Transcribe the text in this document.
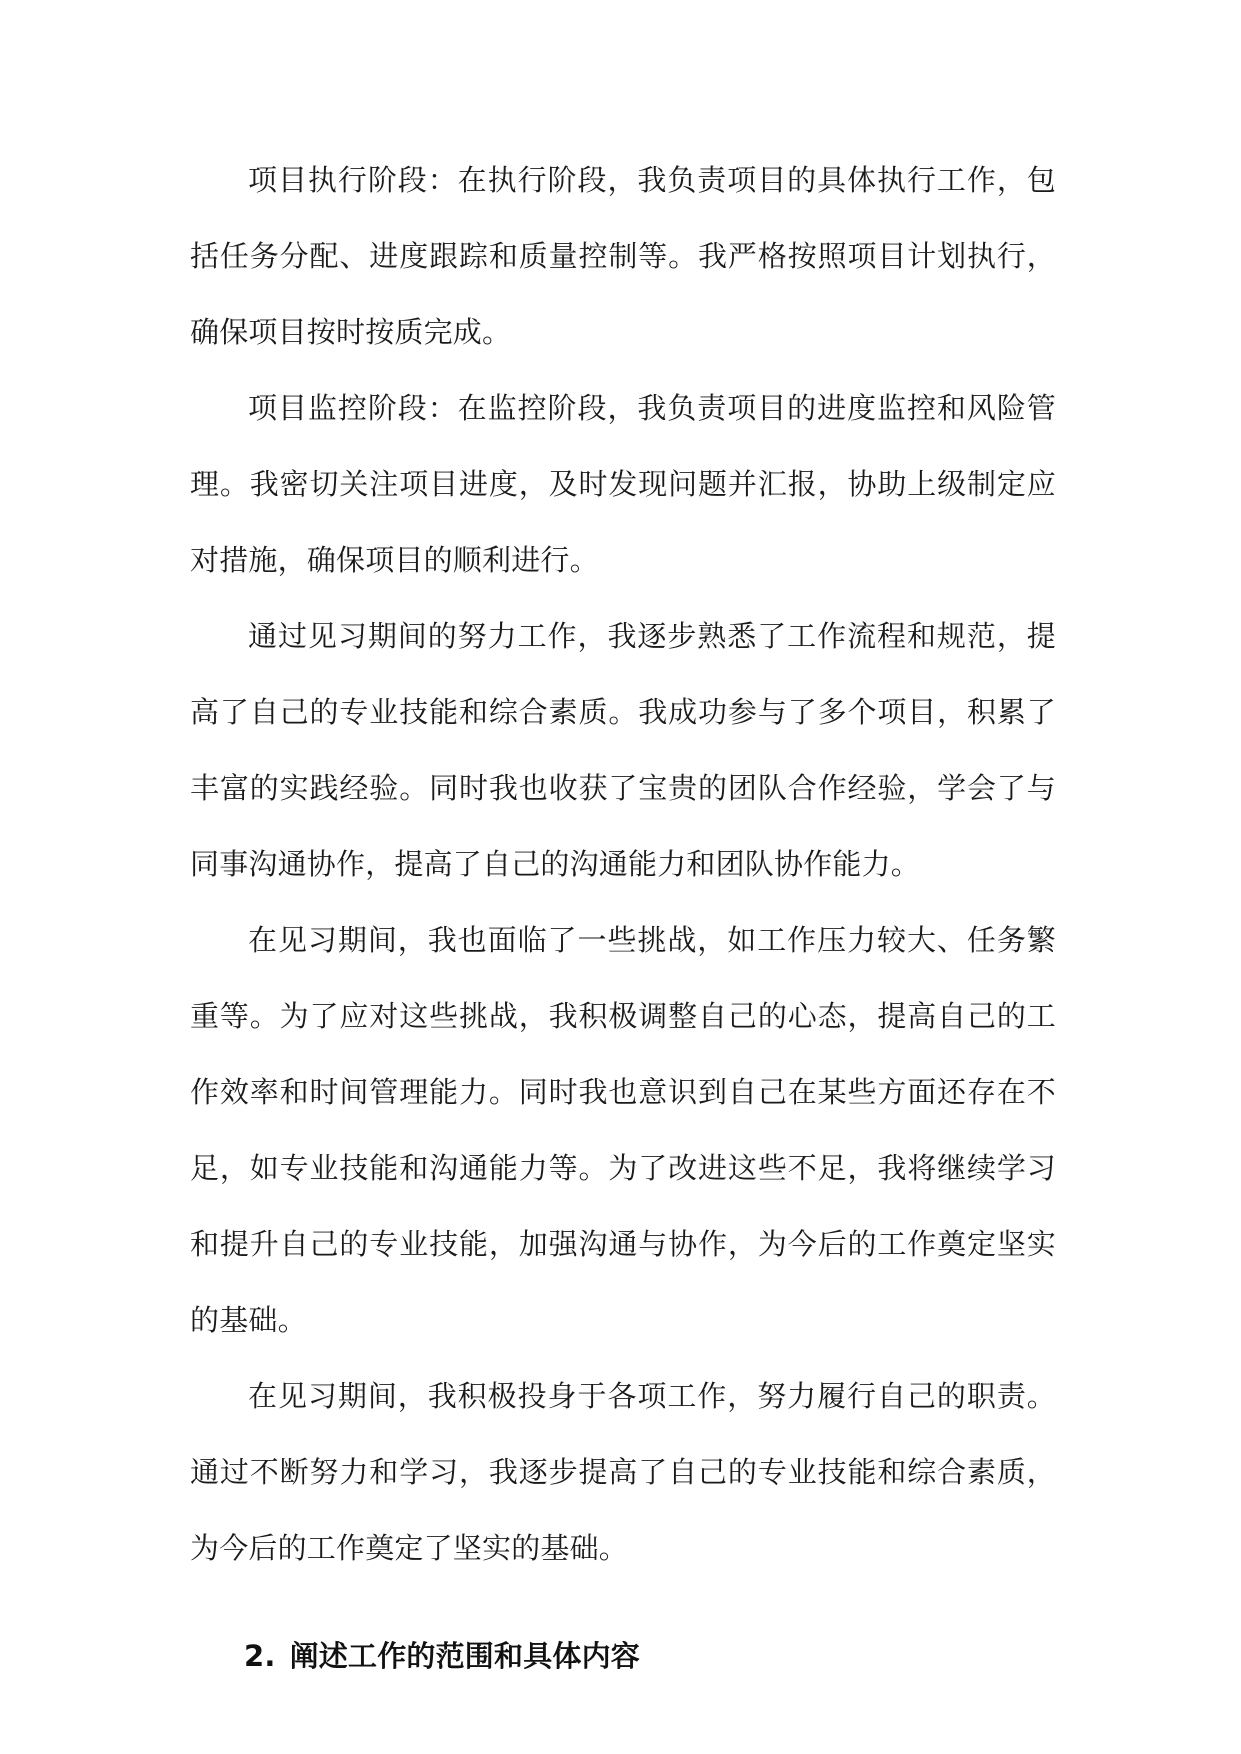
项目执行阶段：在执行阶段，我负责项目的具体执行工作，包括任务分配、进度跟踪和质量控制等。我严格按照项目计划执行，确保项目按时按质完成。

项目监控阶段：在监控阶段，我负责项目的进度监控和风险管理。我密切关注项目进度，及时发现问题并汇报，协助上级制定应对措施，确保项目的顺利进行。

通过见习期间的努力工作，我逐步熟悉了工作流程和规范，提高了自己的专业技能和综合素质。我成功参与了多个项目，积累了丰富的实践经验。同时我也收获了宝贵的团队合作经验，学会了与同事沟通协作，提高了自己的沟通能力和团队协作能力。

在见习期间，我也面临了一些挑战，如工作压力较大、任务繁重等。为了应对这些挑战，我积极调整自己的心态，提高自己的工作效率和时间管理能力。同时我也意识到自己在某些方面还存在不足，如专业技能和沟通能力等。为了改进这些不足，我将继续学习和提升自己的专业技能，加强沟通与协作，为今后的工作奠定坚实的基础。

在见习期间，我积极投身于各项工作，努力履行自己的职责。通过不断努力和学习，我逐步提高了自己的专业技能和综合素质，为今后的工作奠定了坚实的基础。

2. 阐述工作的范围和具体内容
